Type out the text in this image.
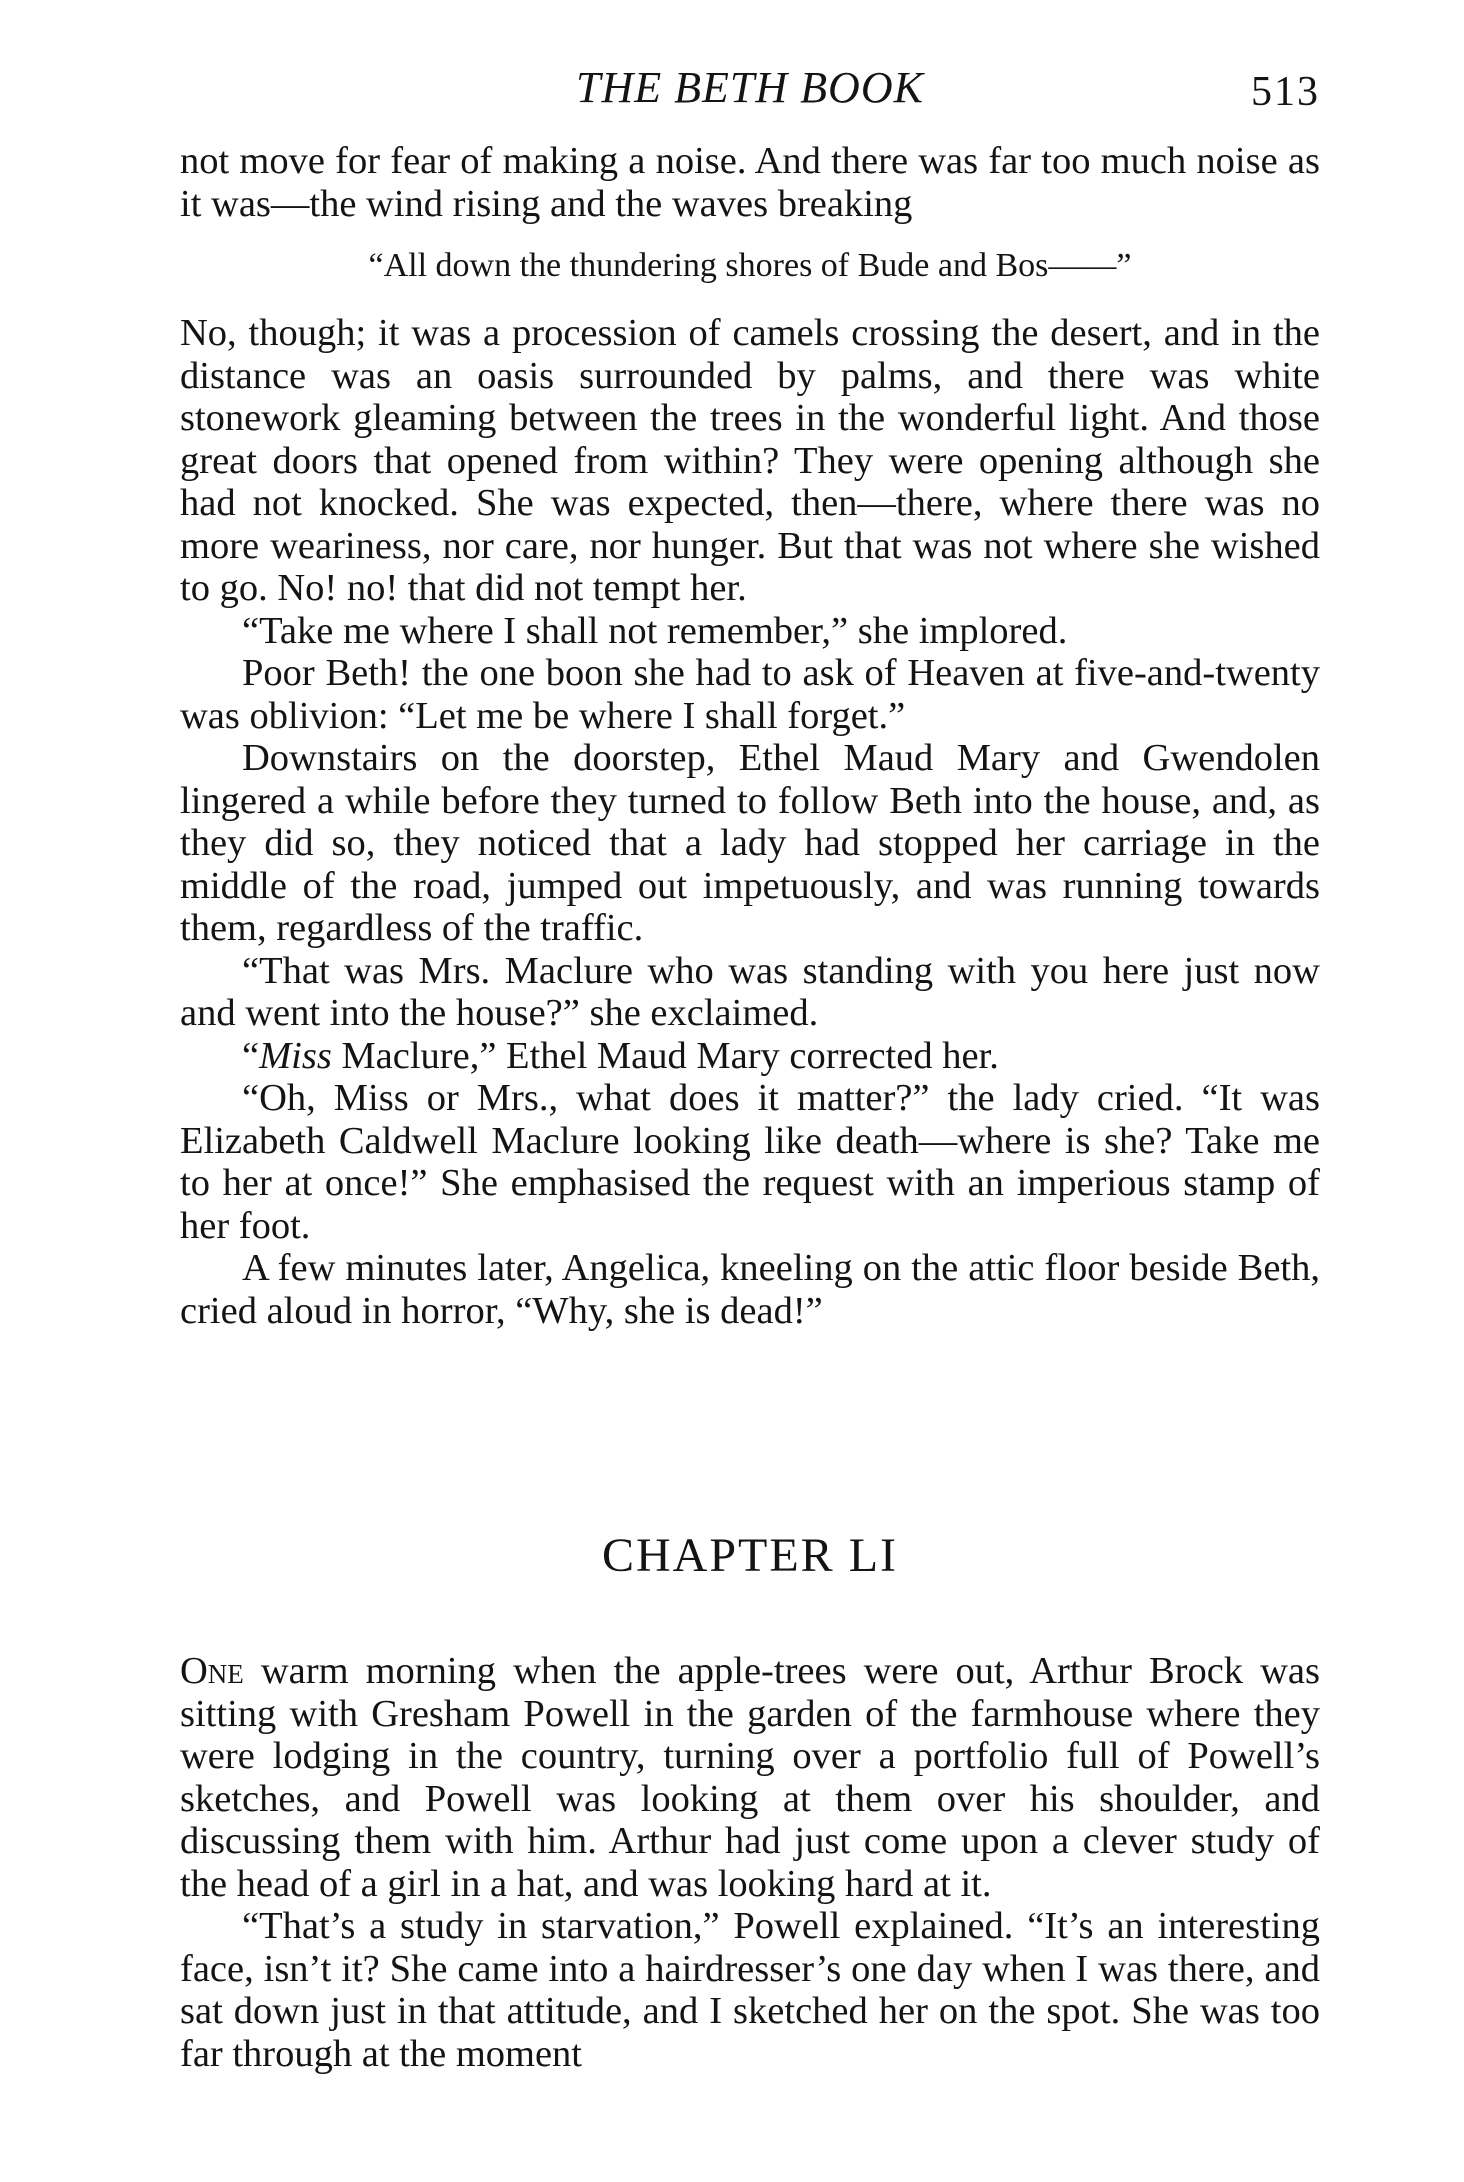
THE BETH BOOK	513

not move for fear of making a noise. And there was far too much noise as it was—the wind rising and the waves breaking

“All down the thundering shores of Bude and Bos——”

No, though; it was a procession of camels crossing the desert, and in the distance was an oasis surrounded by palms, and there was white stonework gleaming between the trees in the wonderful light. And those great doors that opened from within? They were opening although she had not knocked. She was expected, then—there, where there was no more weariness, nor care, nor hunger. But that was not where she wished to go. No! no! that did not tempt her.

“Take me where I shall not remember,” she implored.

Poor Beth! the one boon she had to ask of Heaven at five-and-twenty was oblivion: “Let me be where I shall forget.”

Downstairs on the doorstep, Ethel Maud Mary and Gwendolen lingered a while before they turned to follow Beth into the house, and, as they did so, they noticed that a lady had stopped her carriage in the middle of the road, jumped out impetuously, and was running towards them, regardless of the traffic.

“That was Mrs. Maclure who was standing with you here just now and went into the house?” she exclaimed.

“Miss Maclure,” Ethel Maud Mary corrected her.

“Oh, Miss or Mrs., what does it matter?” the lady cried. “It was Elizabeth Caldwell Maclure looking like death—where is she? Take me to her at once!” She emphasised the request with an imperious stamp of her foot.

A few minutes later, Angelica, kneeling on the attic floor beside Beth, cried aloud in horror, “Why, she is dead!”

CHAPTER LI

One warm morning when the apple-trees were out, Arthur Brock was sitting with Gresham Powell in the garden of the farmhouse where they were lodging in the country, turning over a portfolio full of Powell’s sketches, and Powell was looking at them over his shoulder, and discussing them with him. Arthur had just come upon a clever study of the head of a girl in a hat, and was looking hard at it.

“That’s a study in starvation,” Powell explained. “It’s an interesting face, isn’t it? She came into a hairdresser’s one day when I was there, and sat down just in that attitude, and I sketched her on the spot. She was too far through at the moment
